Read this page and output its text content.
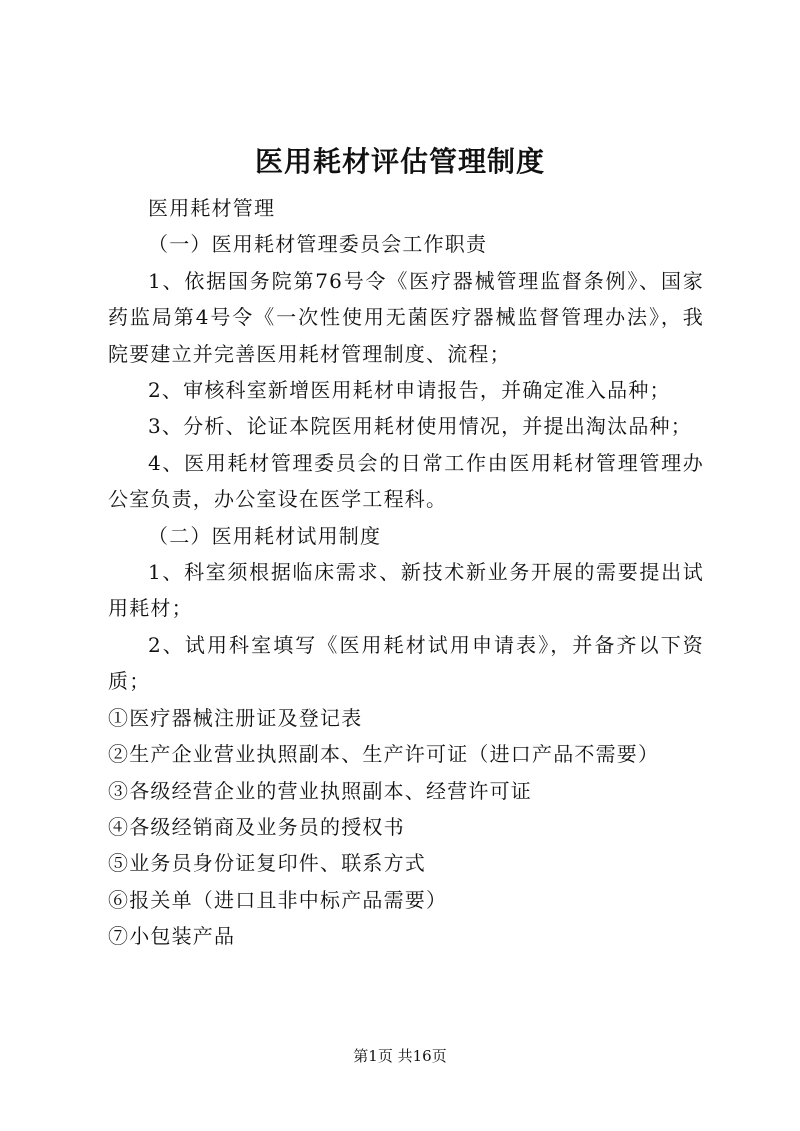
医用耗材评估管理制度

医用耗材管理

（一）医用耗材管理委员会工作职责

1、依据国务院第76号令《医疗器械管理监督条例》、国家药监局第4号令《一次性使用无菌医疗器械监督管理办法》，我院要建立并完善医用耗材管理制度、流程；

2、审核科室新增医用耗材申请报告，并确定准入品种；

3、分析、论证本院医用耗材使用情况，并提出淘汰品种；

4、医用耗材管理委员会的日常工作由医用耗材管理管理办公室负责，办公室设在医学工程科。

（二）医用耗材试用制度

1、科室须根据临床需求、新技术新业务开展的需要提出试用耗材；

2、试用科室填写《医用耗材试用申请表》，并备齐以下资质；

①医疗器械注册证及登记表

②生产企业营业执照副本、生产许可证（进口产品不需要）

③各级经营企业的营业执照副本、经营许可证

④各级经销商及业务员的授权书

⑤业务员身份证复印件、联系方式

⑥报关单（进口且非中标产品需要）

⑦小包装产品

第1页 共16页
